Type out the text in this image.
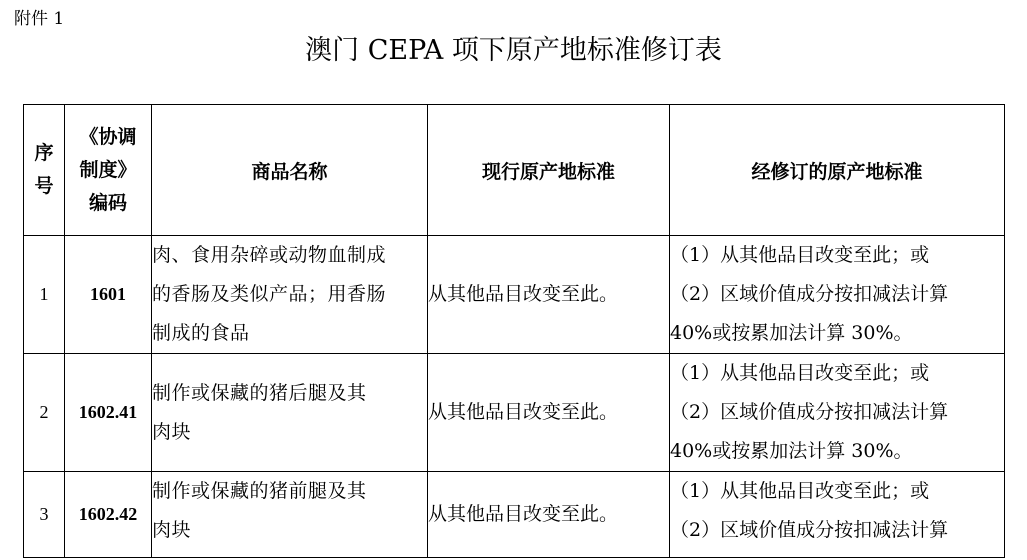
附件 1
澳门 CEPA 项下原产地标准修订表
序
号	《协调
制度》
编码	商品名称	现行原产地标准	经修订的原产地标准
1	1601	肉、食用杂碎或动物血制成
的香肠及类似产品；用香肠
制成的食品	从其他品目改变至此。	（1）从其他品目改变至此；或
（2）区域价值成分按扣减法计算
40%或按累加法计算 30%。

2	1602.41	制作或保藏的猪后腿及其
肉块	从其他品目改变至此。	（1）从其他品目改变至此；或
（2）区域价值成分按扣减法计算
40%或按累加法计算 30%。

3	1602.42	制作或保藏的猪前腿及其
肉块	从其他品目改变至此。	（1）从其他品目改变至此；或
（2）区域价值成分按扣减法计算
